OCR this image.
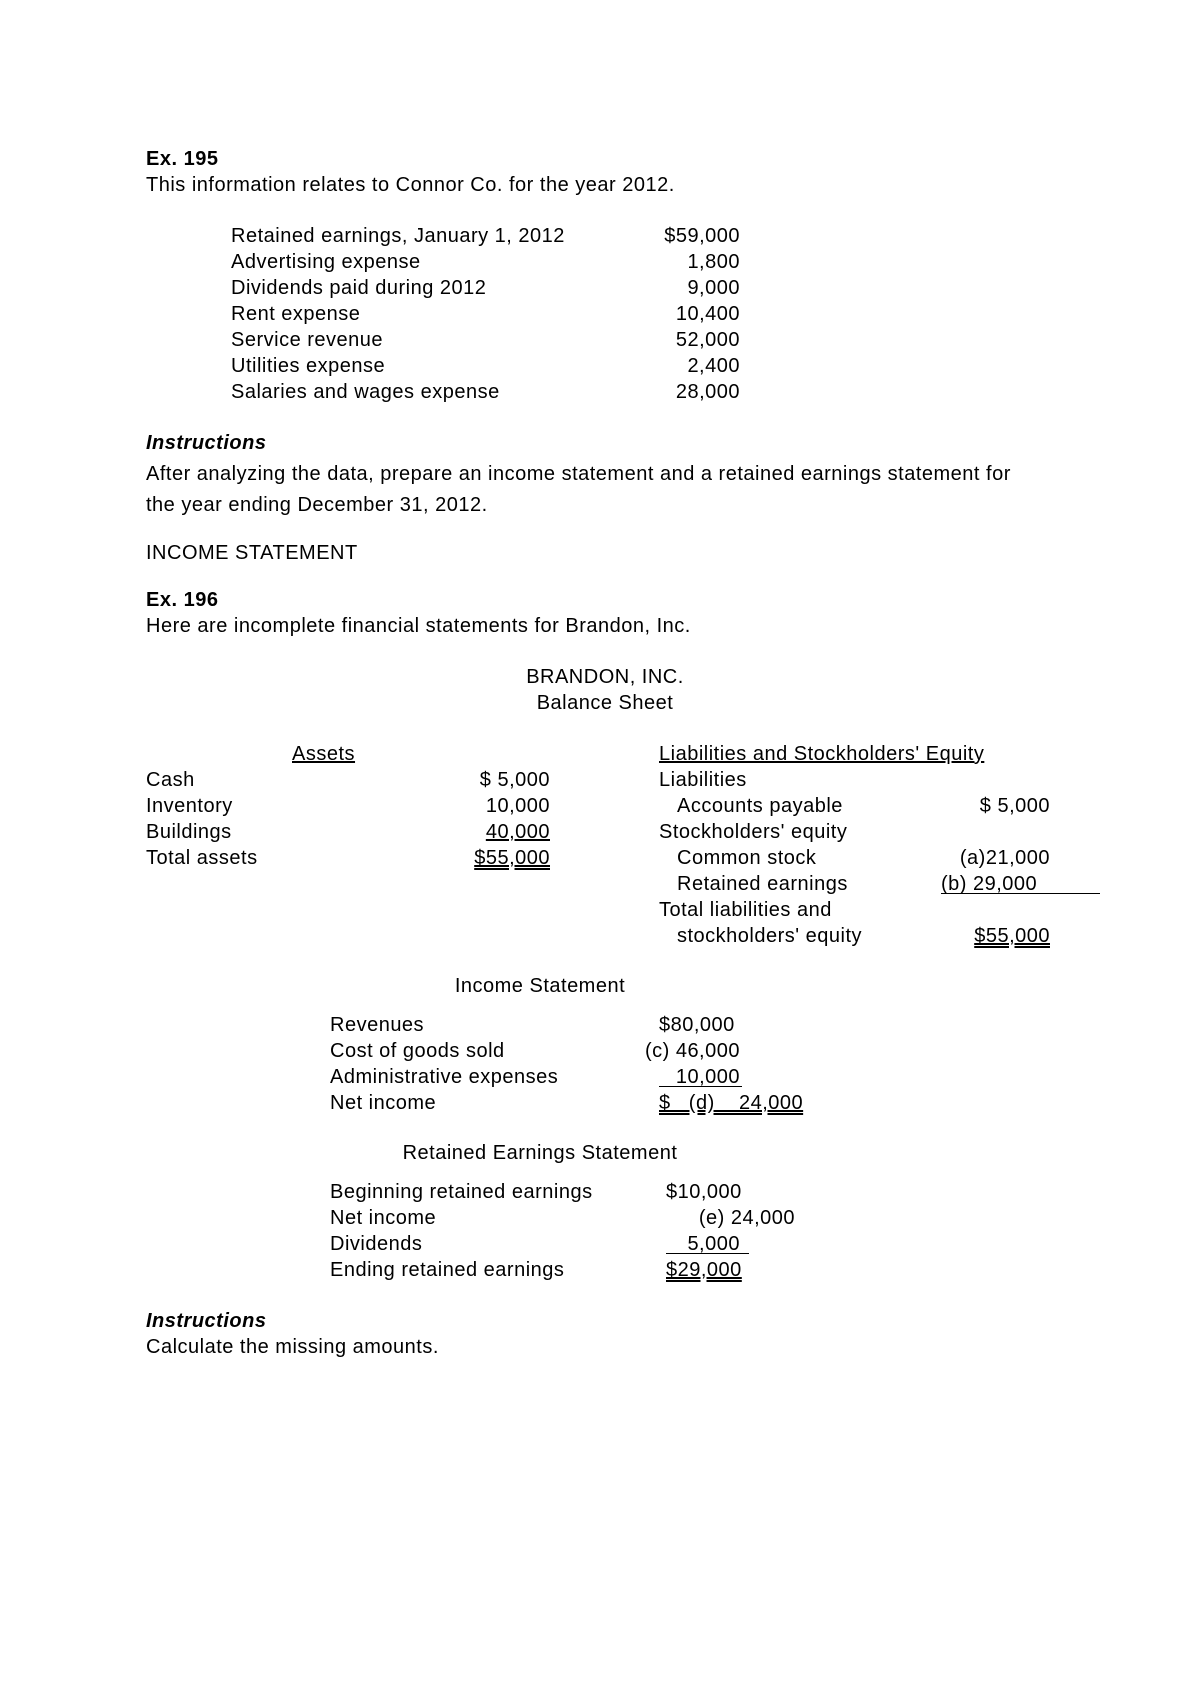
Ex. 195
This information relates to Connor Co. for the year 2012.
Retained earnings, January 1, 2012	$59,000
Advertising expense	1,800
Dividends paid during 2012	9,000
Rent expense	10,400
Service revenue	52,000
Utilities expense	2,400
Salaries and wages expense	28,000
Instructions
After analyzing the data, prepare an income statement and a retained earnings statement for
the year ending December 31, 2012.
INCOME STATEMENT
Ex. 196
Here are incomplete financial statements for Brandon, Inc.
BRANDON, INC.
Balance Sheet
Assets
Cash	$ 5,000
Inventory	10,000
Buildings	40,000
Total assets	$55,000
Liabilities and Stockholders' Equity
Liabilities
Accounts payable	$ 5,000
Stockholders' equity
Common stock	(a)21,000
Retained earnings	(b) 29,000
Total liabilities and
stockholders' equity	$55,000
Income Statement
Revenues	$80,000
Cost of goods sold	(c) 46,000
Administrative expenses	10,000
Net income	$   (d)    24,000
Retained Earnings Statement
Beginning retained earnings	$10,000
Net income	(e) 24,000
Dividends	5,000
Ending retained earnings	$29,000
Instructions
Calculate the missing amounts.
